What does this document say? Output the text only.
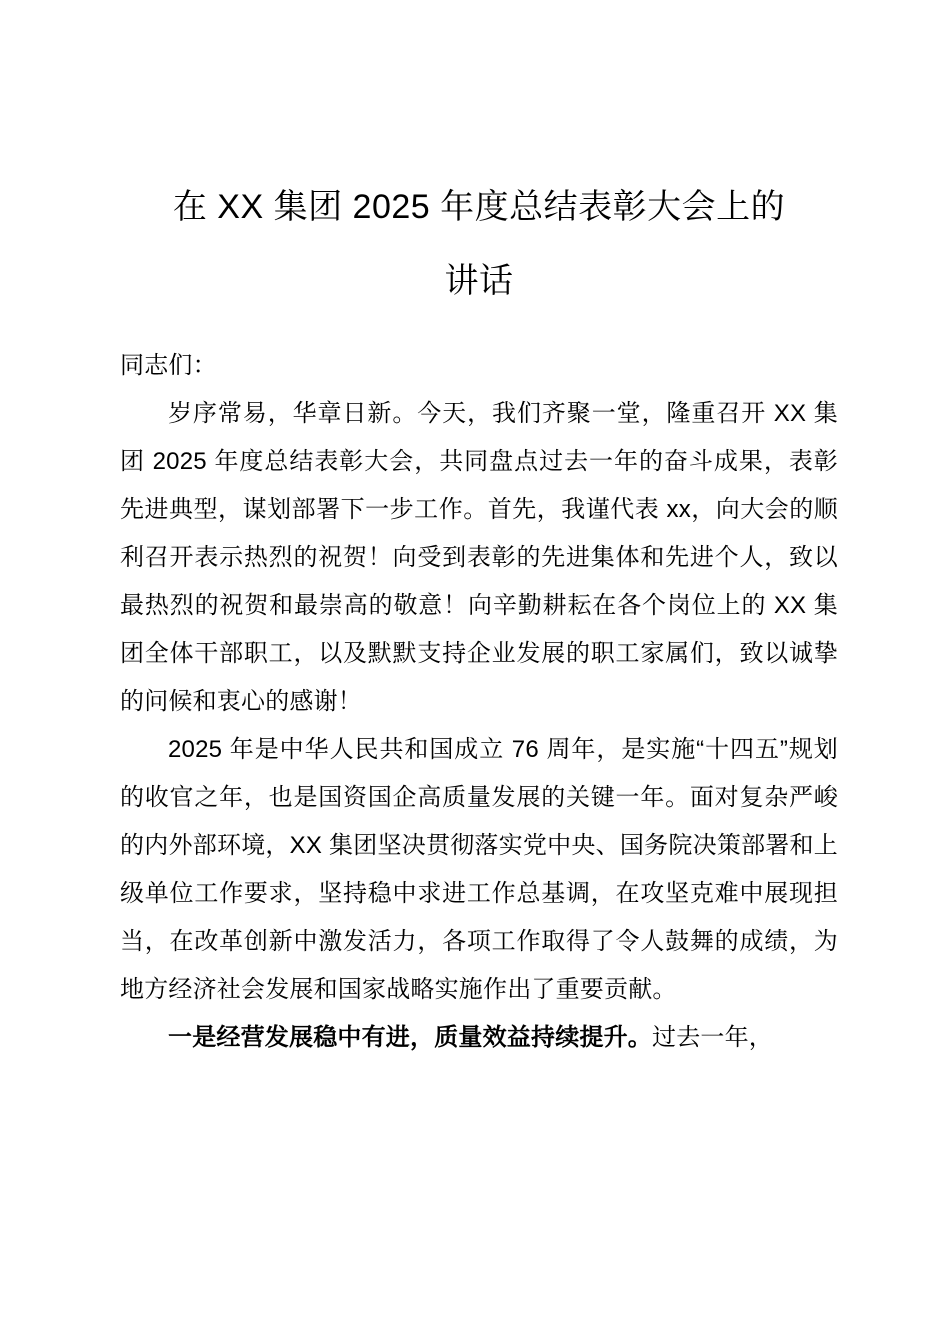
在 XX 集团 2025 年度总结表彰大会上的
讲话

同志们：

岁序常易，华章日新。今天，我们齐聚一堂，隆重召开 XX 集团 2025 年度总结表彰大会，共同盘点过去一年的奋斗成果，表彰先进典型，谋划部署下一步工作。首先，我谨代表 xx，向大会的顺利召开表示热烈的祝贺！向受到表彰的先进集体和先进个人，致以最热烈的祝贺和最崇高的敬意！向辛勤耕耘在各个岗位上的 XX 集团全体干部职工，以及默默支持企业发展的职工家属们，致以诚挚的问候和衷心的感谢！

2025 年是中华人民共和国成立 76 周年，是实施“十四五”规划的收官之年，也是国资国企高质量发展的关键一年。面对复杂严峻的内外部环境，XX 集团坚决贯彻落实党中央、国务院决策部署和上级单位工作要求，坚持稳中求进工作总基调，在攻坚克难中展现担当，在改革创新中激发活力，各项工作取得了令人鼓舞的成绩，为地方经济社会发展和国家战略实施作出了重要贡献。

一是经营发展稳中有进，质量效益持续提升。过去一年，
